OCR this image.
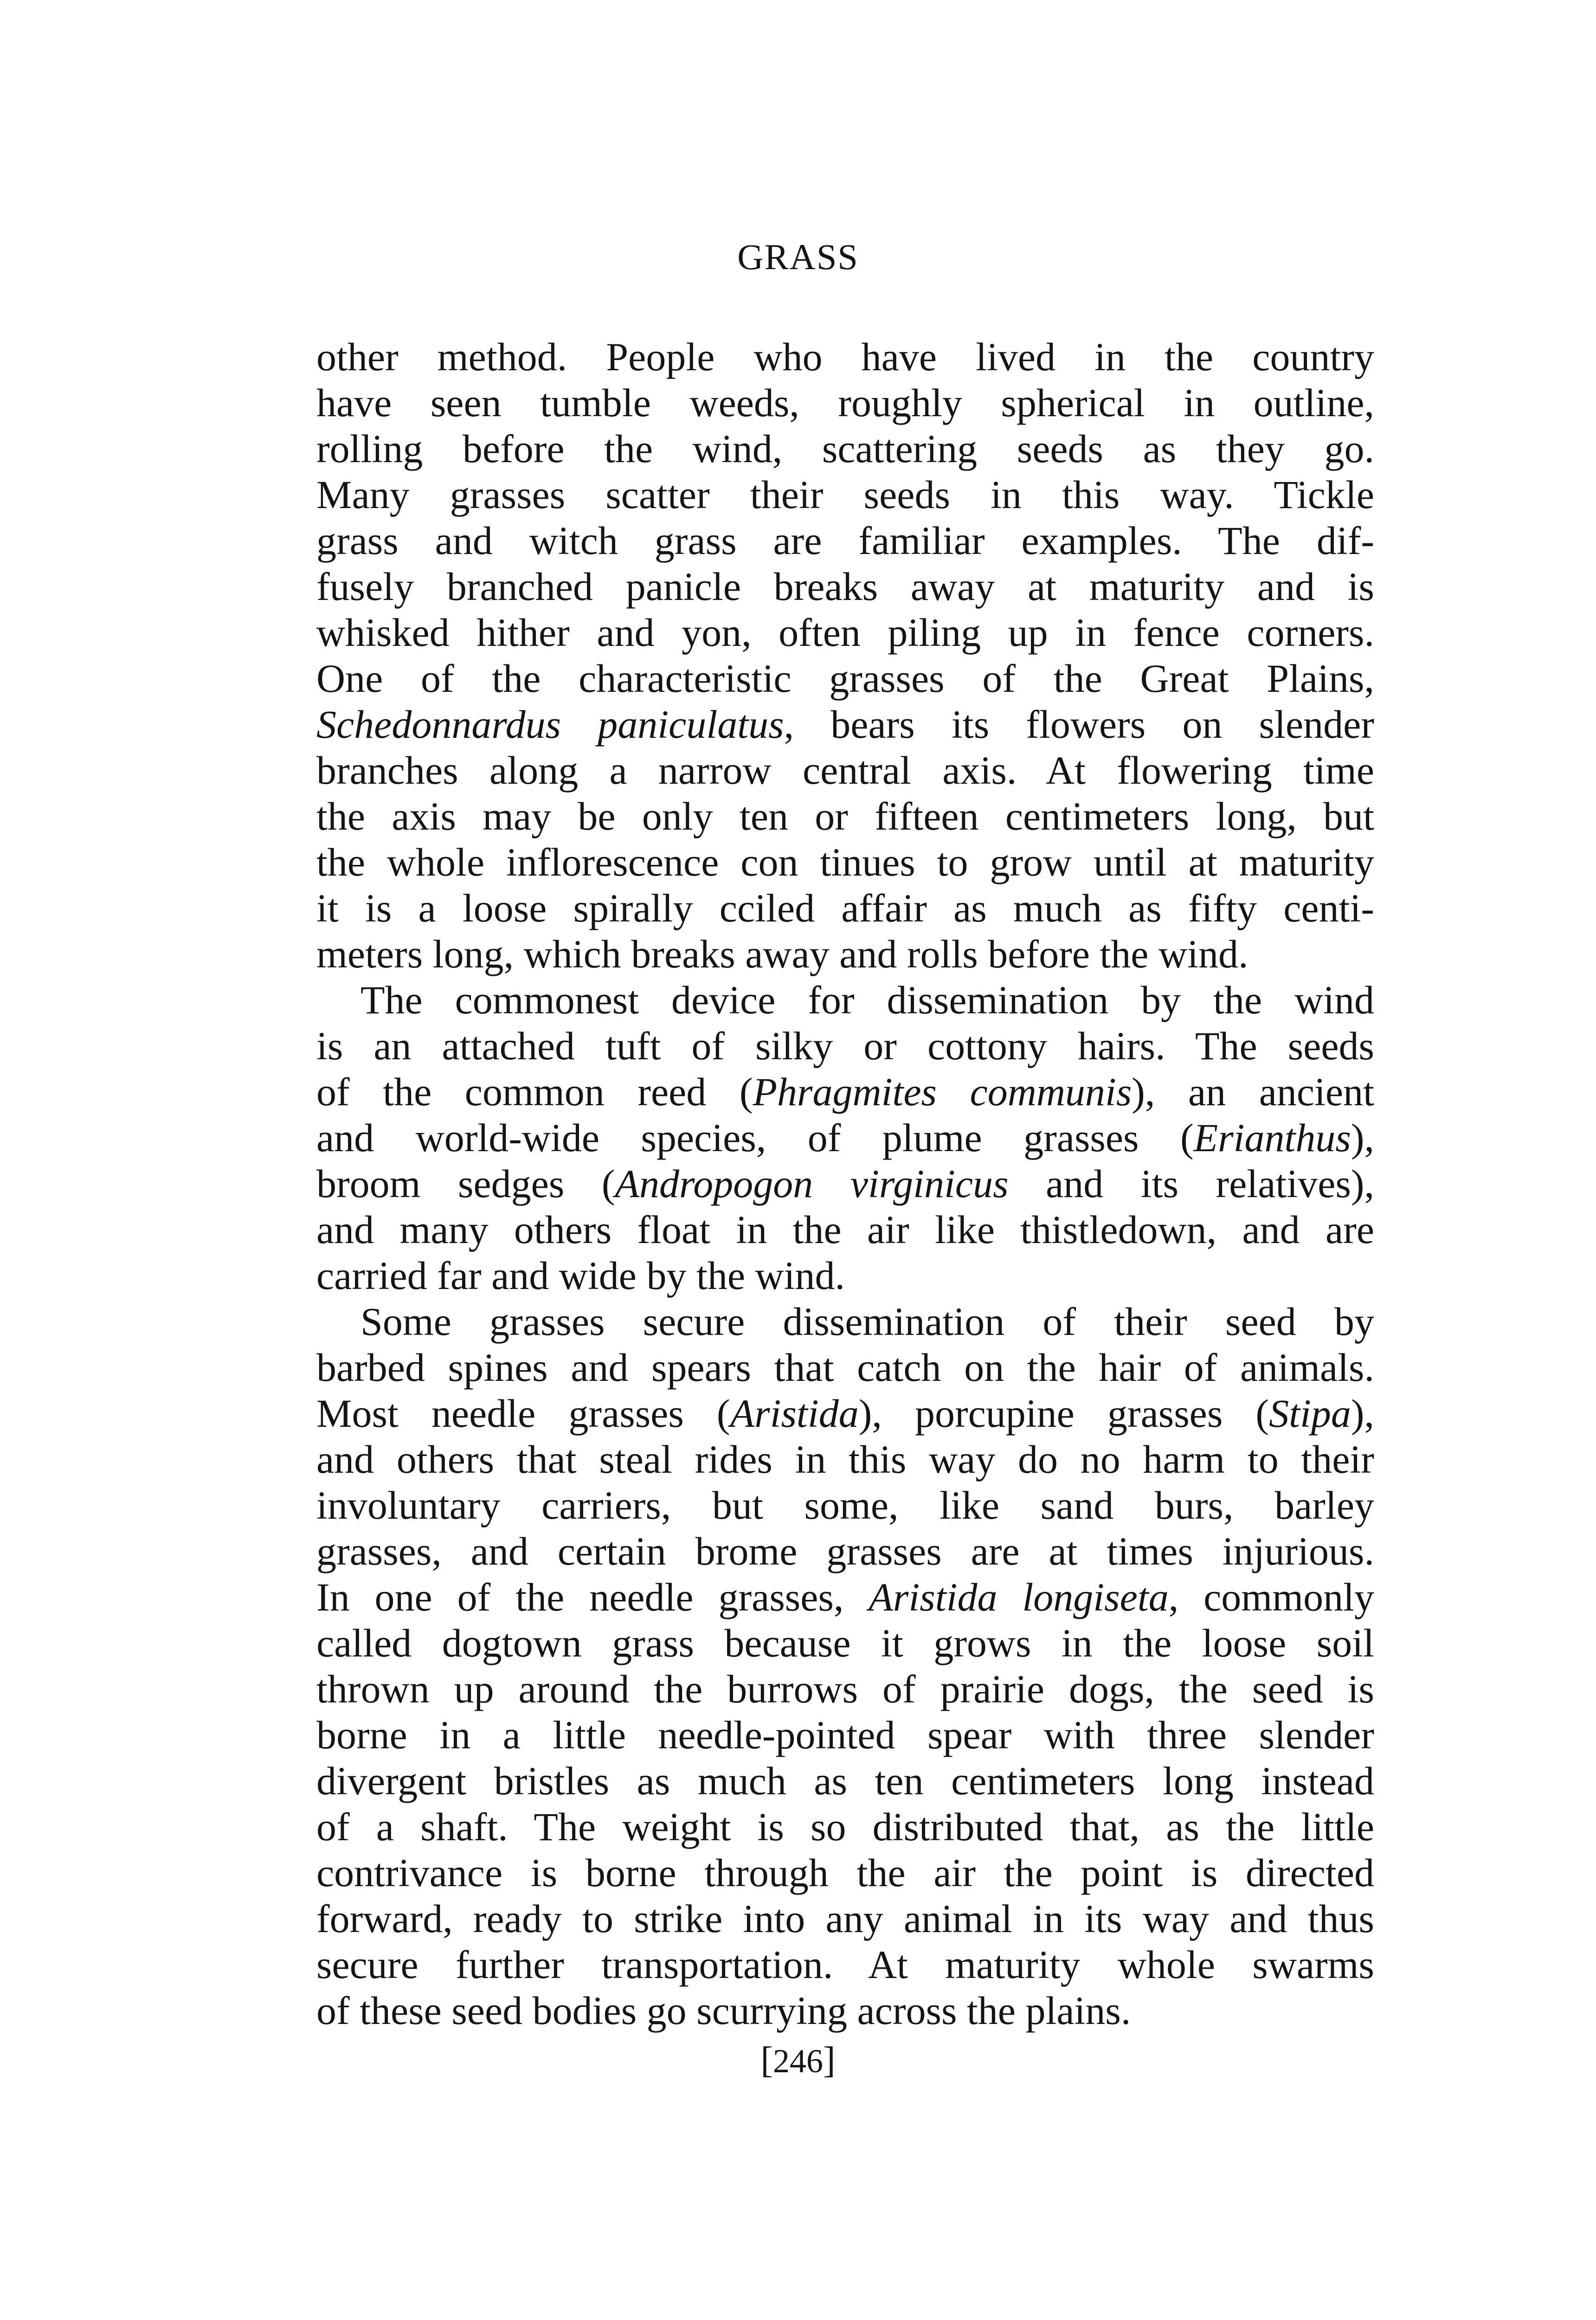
GRASS
other method. People who have lived in the country
have seen tumble weeds, roughly spherical in outline,
rolling before the wind, scattering seeds as they go.
Many grasses scatter their seeds in this way. Tickle
grass and witch grass are familiar examples. The dif-
fusely branched panicle breaks away at maturity and is
whisked hither and yon, often piling up in fence corners.
One of the characteristic grasses of the Great Plains,
Schedonnardus paniculatus, bears its flowers on slender
branches along a narrow central axis. At flowering time
the axis may be only ten or fifteen centimeters long, but
the whole inflorescence con tinues to grow until at maturity
it is a loose spirally cciled affair as much as fifty centi-
meters long, which breaks away and rolls before the wind.
The commonest device for dissemination by the wind
is an attached tuft of silky or cottony hairs. The seeds
of the common reed (Phragmites communis), an ancient
and world-wide species, of plume grasses (Erianthus),
broom sedges (Andropogon virginicus and its relatives),
and many others float in the air like thistledown, and are
carried far and wide by the wind.
Some grasses secure dissemination of their seed by
barbed spines and spears that catch on the hair of animals.
Most needle grasses (Aristida), porcupine grasses (Stipa),
and others that steal rides in this way do no harm to their
involuntary carriers, but some, like sand burs, barley
grasses, and certain brome grasses are at times injurious.
In one of the needle grasses, Aristida longiseta, commonly
called dogtown grass because it grows in the loose soil
thrown up around the burrows of prairie dogs, the seed is
borne in a little needle-pointed spear with three slender
divergent bristles as much as ten centimeters long instead
of a shaft. The weight is so distributed that, as the little
contrivance is borne through the air the point is directed
forward, ready to strike into any animal in its way and thus
secure further transportation. At maturity whole swarms
of these seed bodies go scurrying across the plains.
[246]
